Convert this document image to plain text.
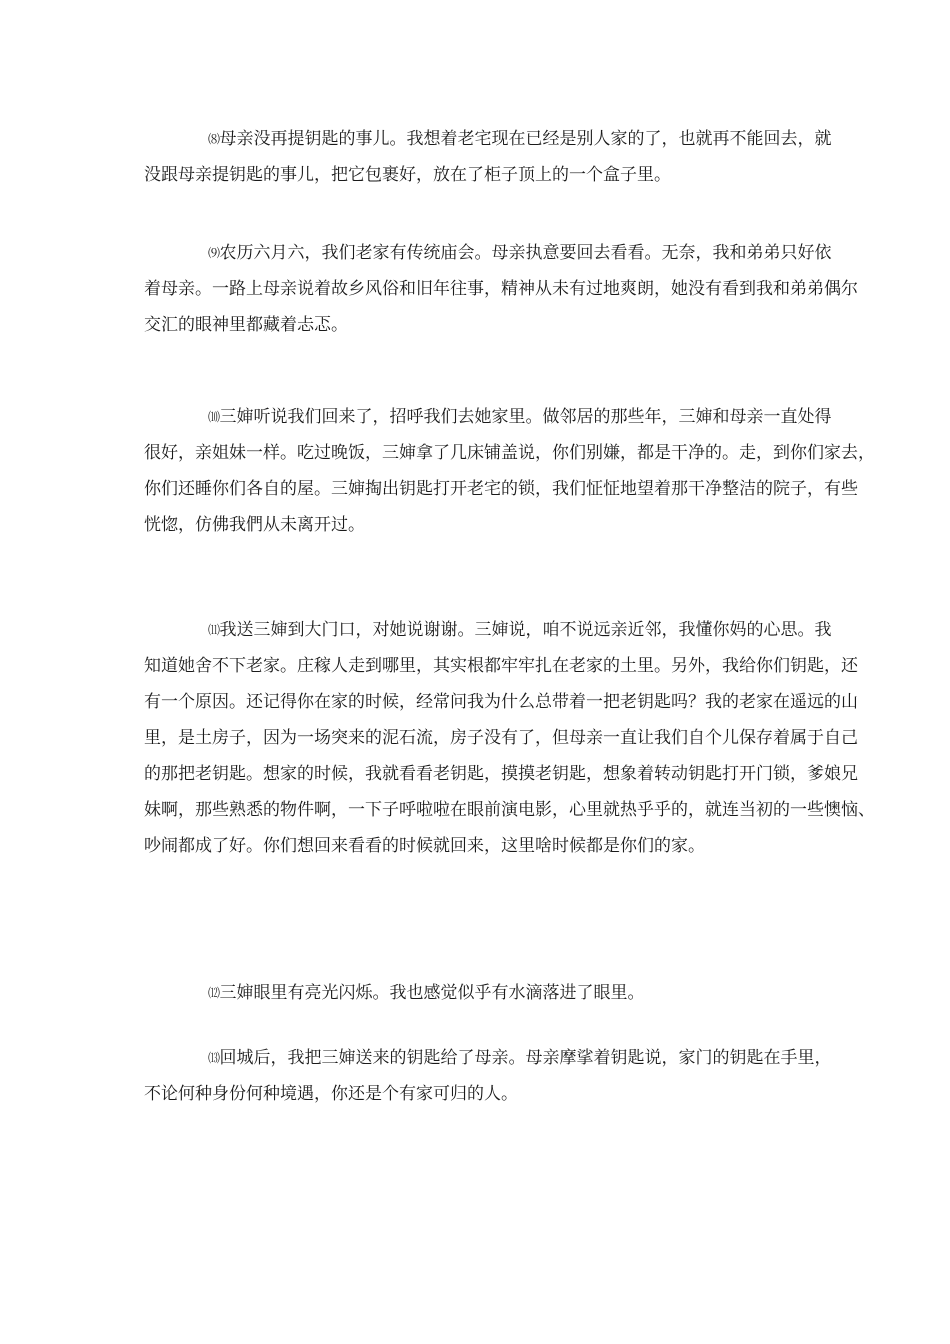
⑻母亲没再提钥匙的事儿。我想着老宅现在已经是别人家的了，也就再不能回去，就
没跟母亲提钥匙的事儿，把它包裹好，放在了柜子顶上的一个盒子里。
⑼农历六月六，我们老家有传统庙会。母亲执意要回去看看。无奈，我和弟弟只好依
着母亲。一路上母亲说着故乡风俗和旧年往事，精神从未有过地爽朗，她没有看到我和弟弟偶尔
交汇的眼神里都藏着忐忑。
⑽三婶听说我们回来了，招呼我们去她家里。做邻居的那些年，三婶和母亲一直处得
很好，亲姐妹一样。吃过晚饭，三婶拿了几床铺盖说，你们别嫌，都是干净的。走，到你们家去，
你们还睡你们各自的屋。三婶掏出钥匙打开老宅的锁，我们怔怔地望着那干净整洁的院子，有些
恍惚，仿佛我們从未离开过。
⑾我送三婶到大门口，对她说谢谢。三婶说，咱不说远亲近邻，我懂你妈的心思。我
知道她舍不下老家。庄稼人走到哪里，其实根都牢牢扎在老家的土里。另外，我给你们钥匙，还
有一个原因。还记得你在家的时候，经常问我为什么总带着一把老钥匙吗？我的老家在遥远的山
里，是土房子，因为一场突来的泥石流，房子没有了，但母亲一直让我们自个儿保存着属于自己
的那把老钥匙。想家的时候，我就看看老钥匙，摸摸老钥匙，想象着转动钥匙打开门锁，爹娘兄
妹啊，那些熟悉的物件啊，一下子呼啦啦在眼前演电影，心里就热乎乎的，就连当初的一些懊恼、
吵闹都成了好。你们想回来看看的时候就回来，这里啥时候都是你们的家。
⑿三婶眼里有亮光闪烁。我也感觉似乎有水滴落进了眼里。
⒀回城后，我把三婶送来的钥匙给了母亲。母亲摩挲着钥匙说，家门的钥匙在手里，
不论何种身份何种境遇，你还是个有家可归的人。
